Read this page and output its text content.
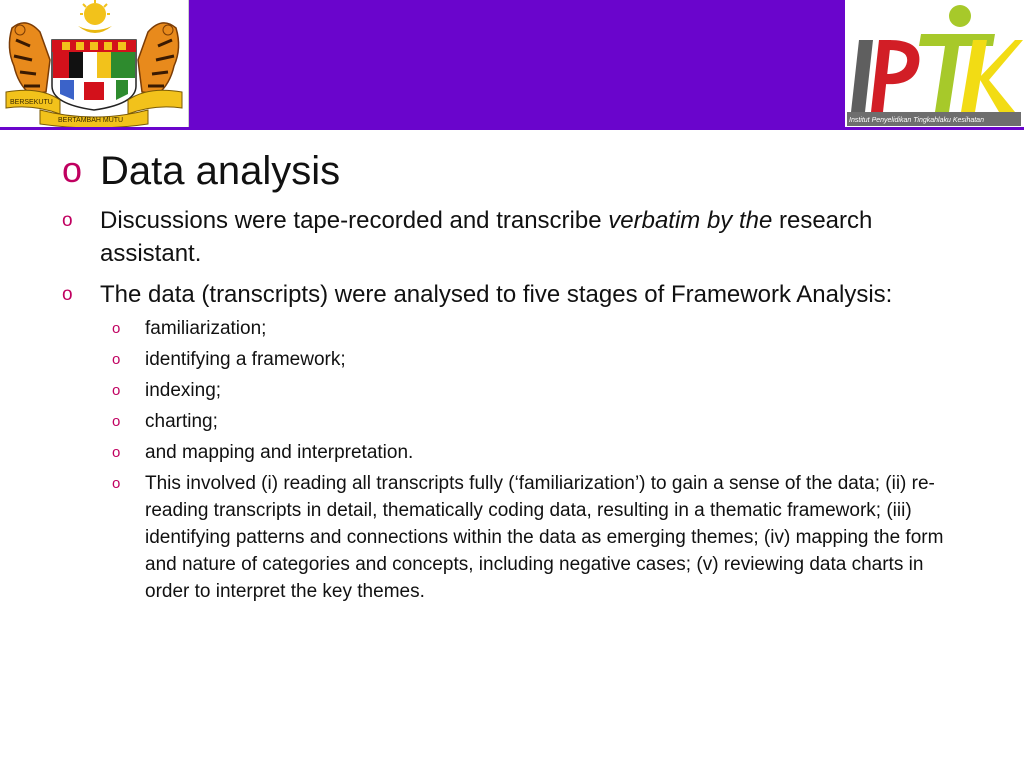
BERSEKUTU
BERTAMBAH MUTU	Institut Penyelidikan Tingkahlaku Kesihatan
o Data analysis
o	Discussions were tape-recorded and transcribe verbatim by the research assistant.
o	The data (transcripts) were analysed to five stages of Framework Analysis:
o	familiarization;
o	identifying a framework;
o	indexing;
o	charting;
o	and mapping and interpretation.
o	This involved (i) reading all transcripts fully (‘familiarization’) to gain a sense of the data; (ii) re-reading transcripts in detail, thematically coding data, resulting in a thematic framework; (iii) identifying patterns and connections within the data as emerging themes; (iv) mapping the form and nature of categories and concepts, including negative cases; (v) reviewing data charts in order to interpret the key themes.
